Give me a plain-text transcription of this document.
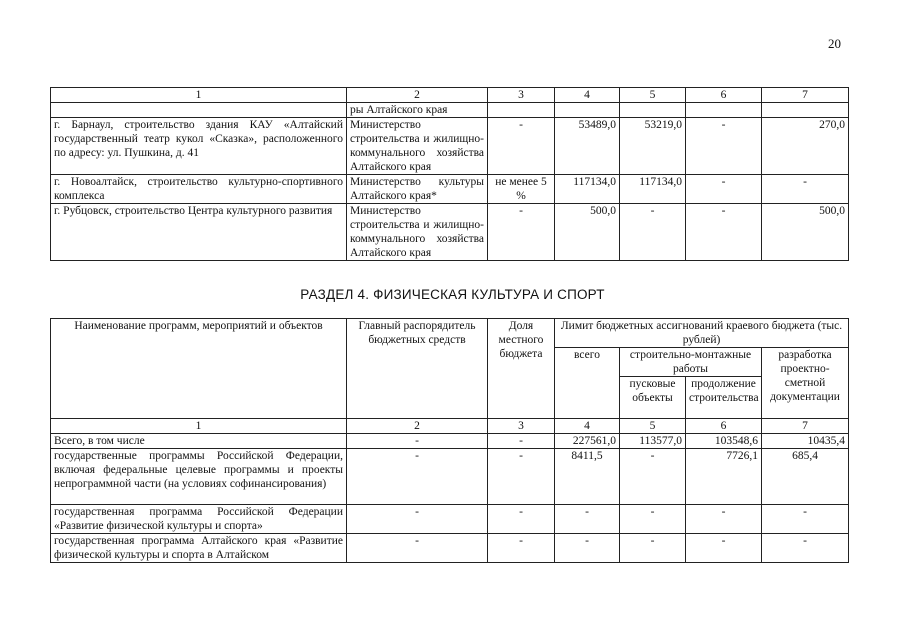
20
1	2	3	4	5	6	7
	ры Алтайского края					
г. Барнаул, строительство здания КАУ «Алтайский государственный театр кукол «Сказка», расположенного по адресу: ул. Пушкина, д. 41	Министерство строительства и жилищно-коммунального хозяйства Алтайского края	-	53489,0	53219,0	-	270,0
г. Новоалтайск, строительство культурно-спортивного комплекса	Министерство культуры Алтайского края*	не менее 5 %	117134,0	117134,0	-	-
г. Рубцовск, строительство Центра культурного развития	Министерство строительства и жилищно-коммунального хозяйства Алтайского края	-	500,0	-	-	500,0
РАЗДЕЛ 4. ФИЗИЧЕСКАЯ КУЛЬТУРА И СПОРТ
Наименование программ, мероприятий и объектов	Главный распорядитель бюджетных средств	Доля местного бюджета	Лимит бюджетных ассигнований краевого бюджета (тыс. рублей)			
			всего	строительно-монтажные работы		разработка проектно-сметной документации
				пусковые объекты	продолжение строительства	
1	2	3	4	5	6	7
Всего, в том числе	-	-	227561,0	113577,0	103548,6	10435,4
государственные программы Российской Федерации, включая федеральные целевые программы и проекты непрограммной части (на условиях софинансирования)	-	-	8411,5	-	7726,1	685,4
государственная программа Российской Федерации «Развитие физической культуры и спорта»	-	-	-	-	-	-
государственная программа Алтайского края «Развитие физической культуры и спорта в Алтайском	-	-	-	-	-	-
